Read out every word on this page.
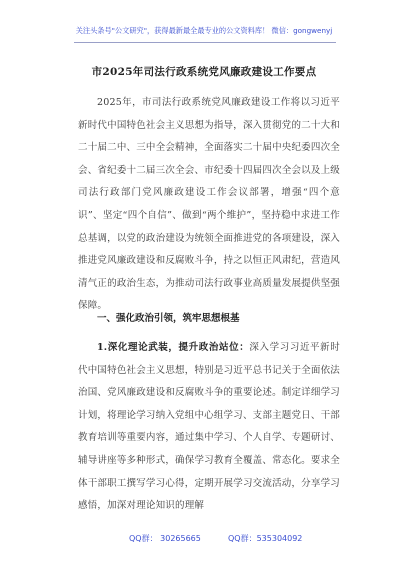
关注头条号"公文研究"，获得最新最全最专业的公文资料库！ 微信：gongwenyj
市2025年司法行政系统党风廉政建设工作要点
2025年，市司法行政系统党风廉政建设工作将以习近平新时代中国特色社会主义思想为指导，深入贯彻党的二十大和二十届二中、三中全会精神，全面落实二十届中央纪委四次全会、省纪委十二届三次全会、市纪委十四届四次全会以及上级司法行政部门党风廉政建设工作会议部署，增强“四个意识”、坚定“四个自信”、做到“两个维护”，坚持稳中求进工作总基调，以党的政治建设为统领全面推进党的各项建设，深入推进党风廉政建设和反腐败斗争，持之以恒正风肃纪，营造风清气正的政治生态，为推动司法行政事业高质量发展提供坚强保障。
一、强化政治引领，筑牢思想根基
1.深化理论武装，提升政治站位：深入学习习近平新时代中国特色社会主义思想，特别是习近平总书记关于全面依法治国、党风廉政建设和反腐败斗争的重要论述。制定详细学习计划，将理论学习纳入党组中心组学习、支部主题党日、干部教育培训等重要内容，通过集中学习、个人自学、专题研讨、辅导讲座等多种形式，确保学习教育全覆盖、常态化。要求全体干部职工撰写学习心得，定期开展学习交流活动，分享学习感悟，加深对理论知识的理解
QQ群： 30265665	QQ群：535304092
